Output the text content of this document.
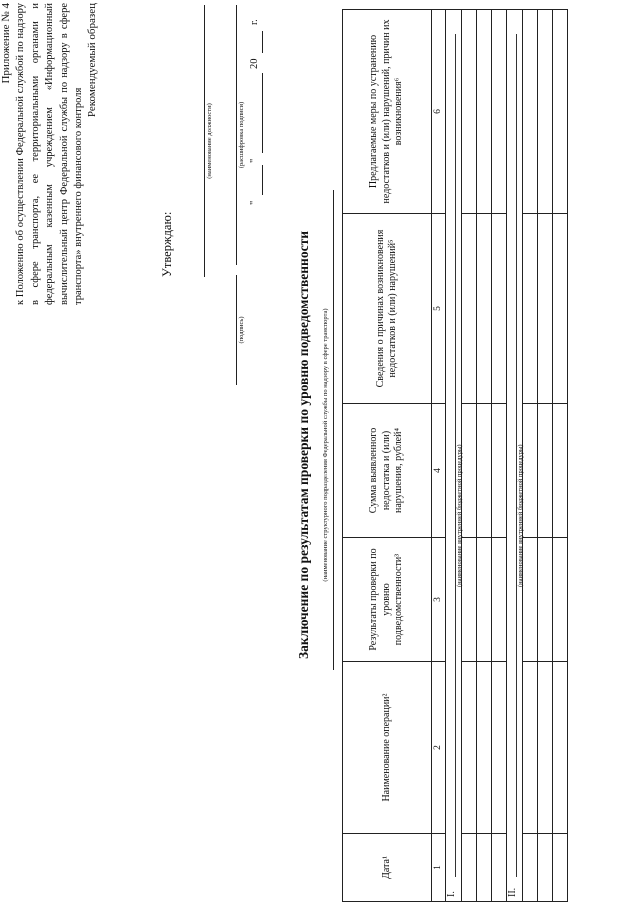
Приложение № 4 к Положению об осуществлении Федеральной службой по надзору в сфере транспорта, ее территориальными органами и федеральным казенным учреждением «Информационный вычислительный центр Федеральной службы по надзору в сфере транспорта» внутреннего финансового контроля
Рекомендуемый образец
Утверждаю:
(наименование должности)
(подпись)
(расшифровка подписи)
"
"
20
г.
Заключение по результатам проверки по уровню подведомственности (наименование структурного подразделения Федеральной службы по надзору в сфере транспорта)
Дата¹	Наименование операции²	Результаты проверки по уровню подведомственности³	Сумма выявленного недостатка и (или) нарушения, рублей⁴	Сведения о причинах возникновения недостатков и (или) нарушений⁵	Предлагаемые меры по устранению недостатков и (или) нарушений, причин их возникновения⁶
1	2	3	4	5	6

I.
(наименование внутренней бюджетной процедуры)					

II.
(наименование внутренней бюджетной процедуры)					
